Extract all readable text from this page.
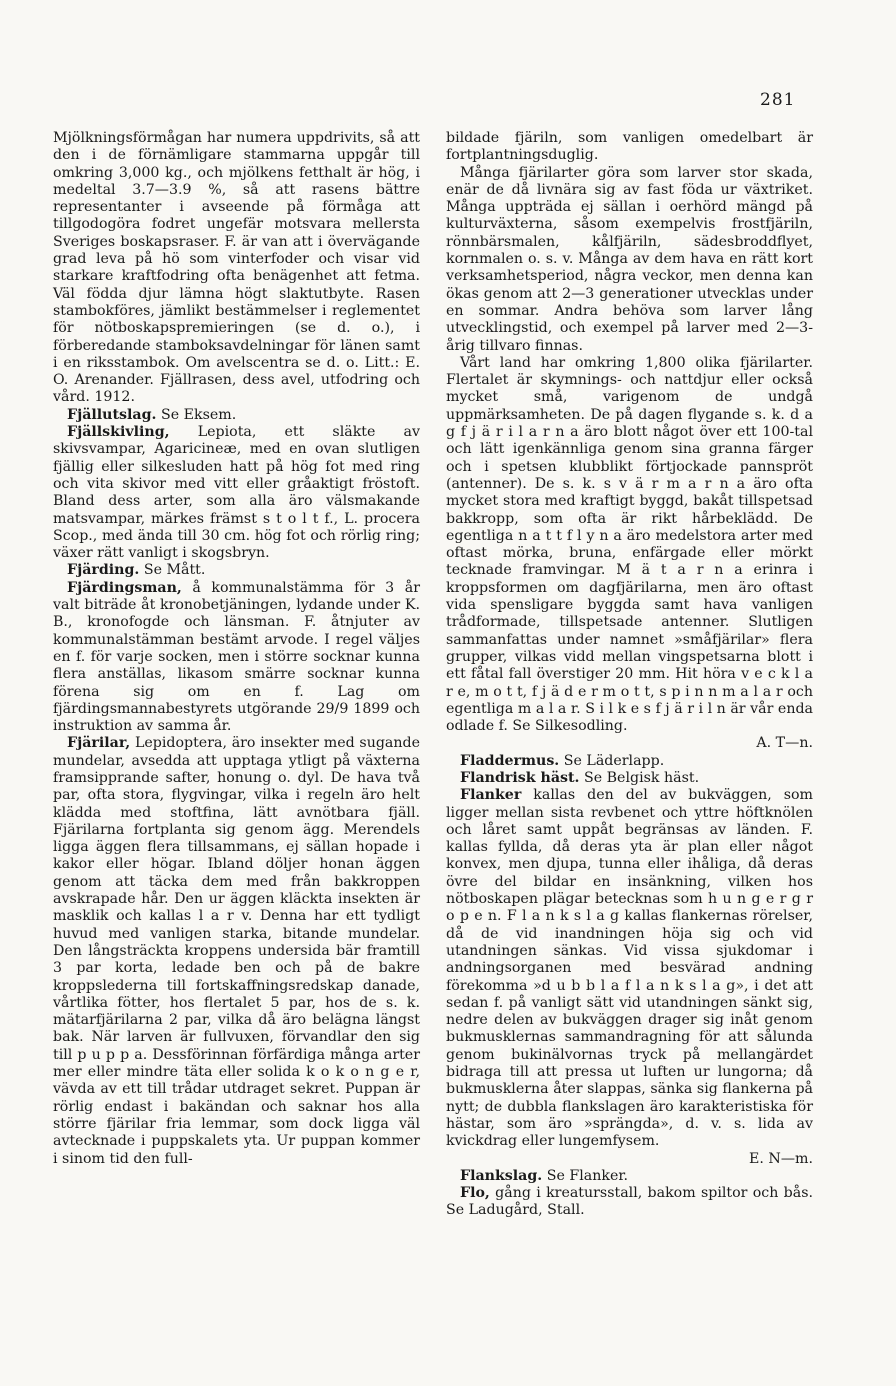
281

Mjölkningsförmågan har numera uppdrivits, så att den i de förnämligare stammarna uppgår till omkring 3,000 kg., och mjölkens fetthalt är hög, i medeltal 3.7—3.9 %, så att rasens bättre representanter i avseende på förmåga att tillgodogöra fodret ungefär motsvara mellersta Sveriges boskapsraser. F. är van att i övervägande grad leva på hö som vinterfoder och visar vid starkare kraftfodring ofta benägenhet att fetma. Väl födda djur lämna högt slaktutbyte. Rasen stambokföres, jämlikt bestämmelser i reglementet för nötboskapspremieringen (se d. o.), i förberedande stamboksavdelningar för länen samt i en riksstambok. Om avelscentra se d. o. Litt.: E. O. Arenander. Fjällrasen, dess avel, utfodring och vård. 1912.

Fjällutslag. Se Eksem.

Fjällskivling, Lepiota, ett släkte av skivsvampar, Agaricineæ, med en ovan slutligen fjällig eller silkesluden hatt på hög fot med ring och vita skivor med vitt eller gråaktigt fröstoft. Bland dess arter, som alla äro välsmakande matsvampar, märkes främst s t o l t f., L. procera Scop., med ända till 30 cm. hög fot och rörlig ring; växer rätt vanligt i skogsbryn.

Fjärding. Se Mått.

Fjärdingsman, å kommunalstämma för 3 år valt biträde åt kronobetjäningen, lydande under K. B., kronofogde och länsman. F. åtnjuter av kommunalstämman bestämt arvode. I regel väljes en f. för varje socken, men i större socknar kunna flera anställas, likasom smärre socknar kunna förena sig om en f. Lag om fjärdingsmannabestyrets utgörande 29/9 1899 och instruktion av samma år.

Fjärilar, Lepidoptera, äro insekter med sugande mundelar, avsedda att upptaga ytligt på växterna framsipprande safter, honung o. dyl. De hava två par, ofta stora, flygvingar, vilka i regeln äro helt klädda med stoftfina, lätt avnötbara fjäll. Fjärilarna fortplanta sig genom ägg. Merendels ligga äggen flera tillsammans, ej sällan hopade i kakor eller högar. Ibland döljer honan äggen genom att täcka dem med från bakkroppen avskrapade hår. Den ur äggen kläckta insekten är masklik och kallas l a r v. Denna har ett tydligt huvud med vanligen starka, bitande mundelar. Den långsträckta kroppens undersida bär framtill 3 par korta, ledade ben och på de bakre kroppslederna till fortskaffningsredskap danade, vårtlika fötter, hos flertalet 5 par, hos de s. k. mätarfjärilarna 2 par, vilka då äro belägna längst bak. När larven är fullvuxen, förvandlar den sig till p u p p a. Dessförinnan förfärdiga många arter mer eller mindre täta eller solida k o k o n g e r, vävda av ett till trådar utdraget sekret. Puppan är rörlig endast i bakändan och saknar hos alla större fjärilar fria lemmar, som dock ligga väl avtecknade i puppskalets yta. Ur puppan kommer i sinom tid den full-

bildade fjäriln, som vanligen omedelbart är fortplantningsduglig.

Många fjärilarter göra som larver stor skada, enär de då livnära sig av fast föda ur växtriket. Många uppträda ej sällan i oerhörd mängd på kulturväxterna, såsom exempelvis frostfjäriln, rönnbärsmalen, kålfjäriln, sädesbroddflyet, kornmalen o. s. v. Många av dem hava en rätt kort verksamhetsperiod, några veckor, men denna kan ökas genom att 2—3 generationer utvecklas under en sommar. Andra behöva som larver lång utvecklingstid, och exempel på larver med 2—3-årig tillvaro finnas.

Vårt land har omkring 1,800 olika fjärilarter. Flertalet är skymnings- och nattdjur eller också mycket små, varigenom de undgå uppmärksamheten. De på dagen flygande s. k. d a g f j ä r i l a r n a äro blott något över ett 100-tal och lätt igenkännliga genom sina granna färger och i spetsen klubblikt förtjockade pannspröt (antenner). De s. k. s v ä r m a r n a äro ofta mycket stora med kraftigt byggd, bakåt tillspetsad bakkropp, som ofta är rikt hårbeklädd. De egentliga n a t t f l y n a äro medelstora arter med oftast mörka, bruna, enfärgade eller mörkt tecknade framvingar. M ä t a r n a erinra i kroppsformen om dagfjärilarna, men äro oftast vida spensligare byggda samt hava vanligen trådformade, tillspetsade antenner. Slutligen sammanfattas under namnet »småfjärilar» flera grupper, vilkas vidd mellan vingspetsarna blott i ett fåtal fall överstiger 20 mm. Hit höra v e c k l a r e, m o t t, f j ä d e r m o t t, s p i n n m a l a r och egentliga m a l a r. S i l k e s f j ä r i l n är vår enda odlade f. Se Silkesodling.
A. T—n.

Fladdermus. Se Läderlapp.

Flandrisk häst. Se Belgisk häst.

Flanker kallas den del av bukväggen, som ligger mellan sista revbenet och yttre höftknölen och låret samt uppåt begränsas av länden. F. kallas fyllda, då deras yta är plan eller något konvex, men djupa, tunna eller ihåliga, då deras övre del bildar en insänkning, vilken hos nötboskapen plägar betecknas som h u n g e r g r o p e n. F l a n k s l a g kallas flankernas rörelser, då de vid inandningen höja sig och vid utandningen sänkas. Vid vissa sjukdomar i andningsorganen med besvärad andning förekomma »d u b b l a f l a n k s l a g», i det att sedan f. på vanligt sätt vid utandningen sänkt sig, nedre delen av bukväggen drager sig inåt genom bukmusklernas sammandragning för att sålunda genom bukinälvornas tryck på mellangärdet bidraga till att pressa ut luften ur lungorna; då bukmusklerna åter slappas, sänka sig flankerna på nytt; de dubbla flankslagen äro karakteristiska för hästar, som äro »sprängda», d. v. s. lida av kvickdrag eller lungemfysem.
E. N—m.

Flankslag. Se Flanker.

Flo, gång i kreatursstall, bakom spiltor och bås. Se Ladugård, Stall.
